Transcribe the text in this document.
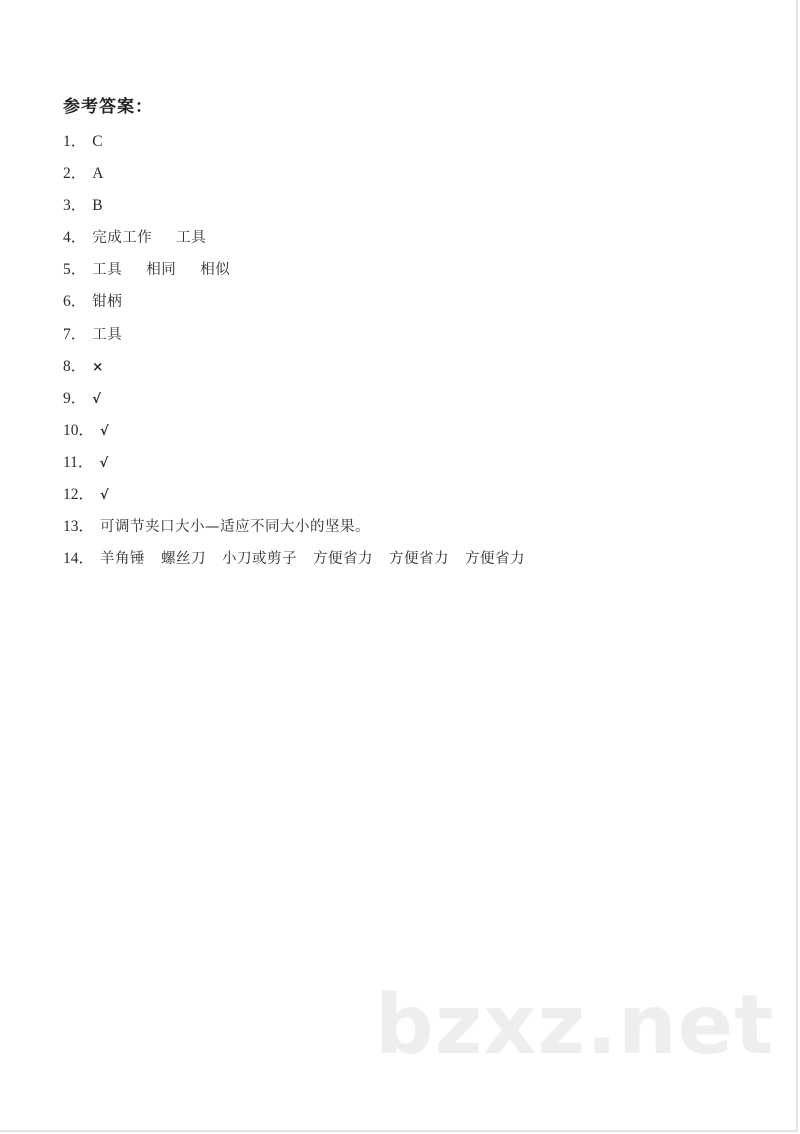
参考答案：
1． C
2． A
3． B
4． 完成工作 工具
5． 工具 相同 相似
6． 钳柄
7． 工具
8． ×
9． √
10． √
11． √
12． √
13． 可调节夹口大小—适应不同大小的坚果。
14． 羊角锤 螺丝刀 小刀或剪子 方便省力 方便省力 方便省力
bzxz.net
